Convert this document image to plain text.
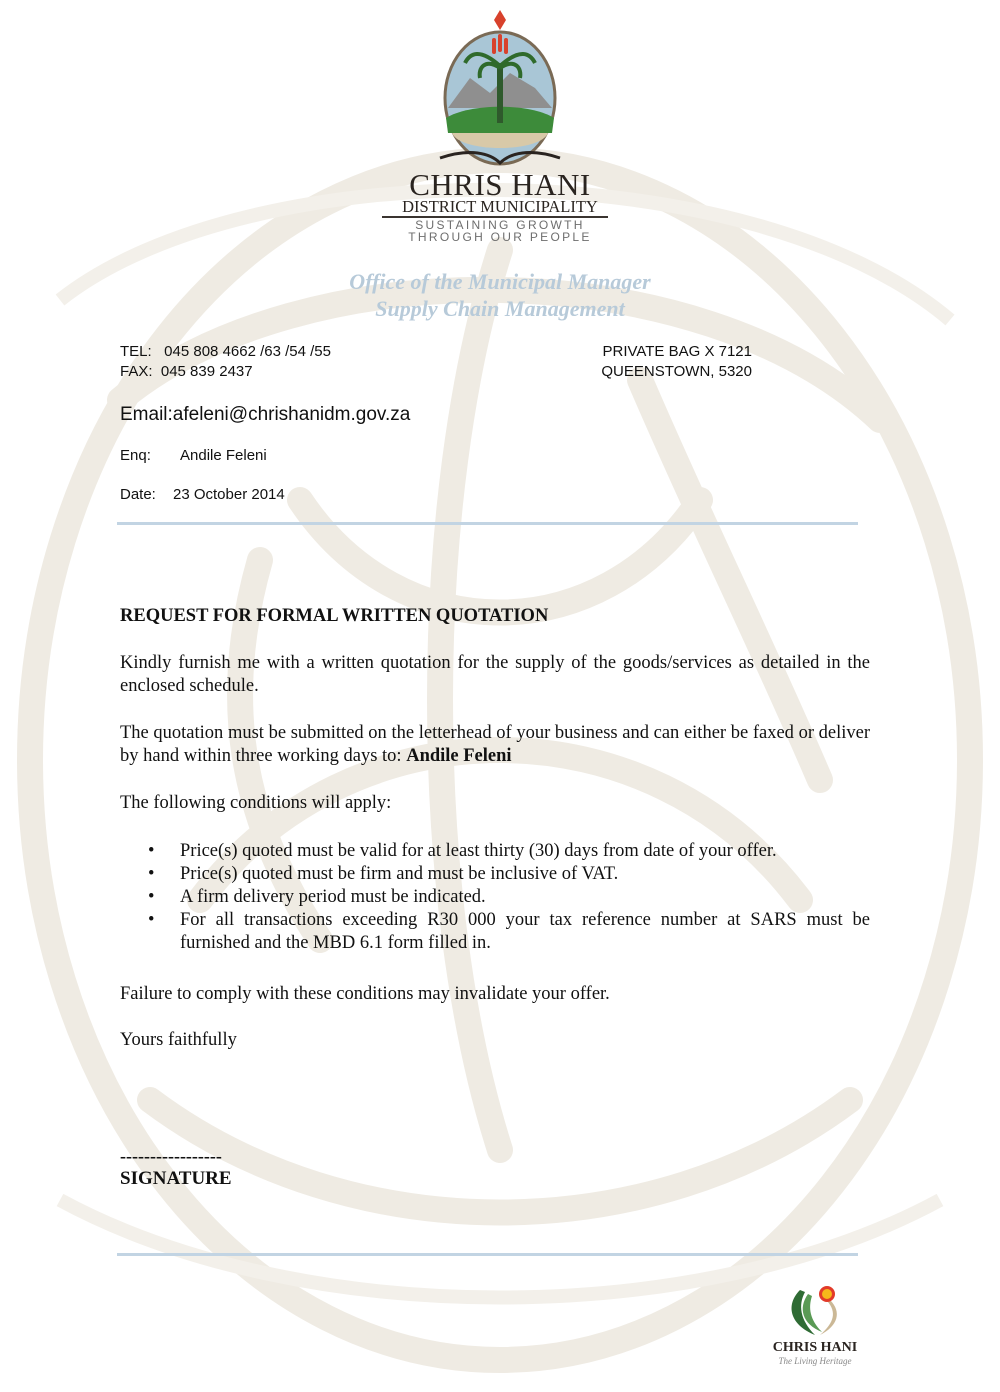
CHRIS HANI
DISTRICT MUNICIPALITY
SUSTAINING GROWTH
THROUGH OUR PEOPLE
Office of the Municipal Manager
Supply Chain Management
TEL:   045 808 4662 /63 /54 /55
FAX:  045 839 2437
PRIVATE BAG X 7121
QUEENSTOWN, 5320
Email:afeleni@chrishanidm.gov.za
Enq: Andile Feleni
Date: 23 October 2014
REQUEST FOR FORMAL WRITTEN QUOTATION
Kindly furnish me with a written quotation for the supply of the goods/services as detailed in the enclosed schedule.
The quotation must be submitted on the letterhead of your business and can either be faxed or deliver by hand within three working days to: Andile Feleni
The following conditions will apply:
• Price(s) quoted must be valid for at least thirty (30) days from date of your offer.
• Price(s) quoted must be firm and must be inclusive of VAT.
• A firm delivery period must be indicated.
• For all transactions exceeding R30 000 your tax reference number at SARS must be furnished and the MBD 6.1 form filled in.
Failure to comply with these conditions may invalidate your offer.
Yours faithfully
-----------------
SIGNATURE
CHRIS HANI
The Living Heritage
